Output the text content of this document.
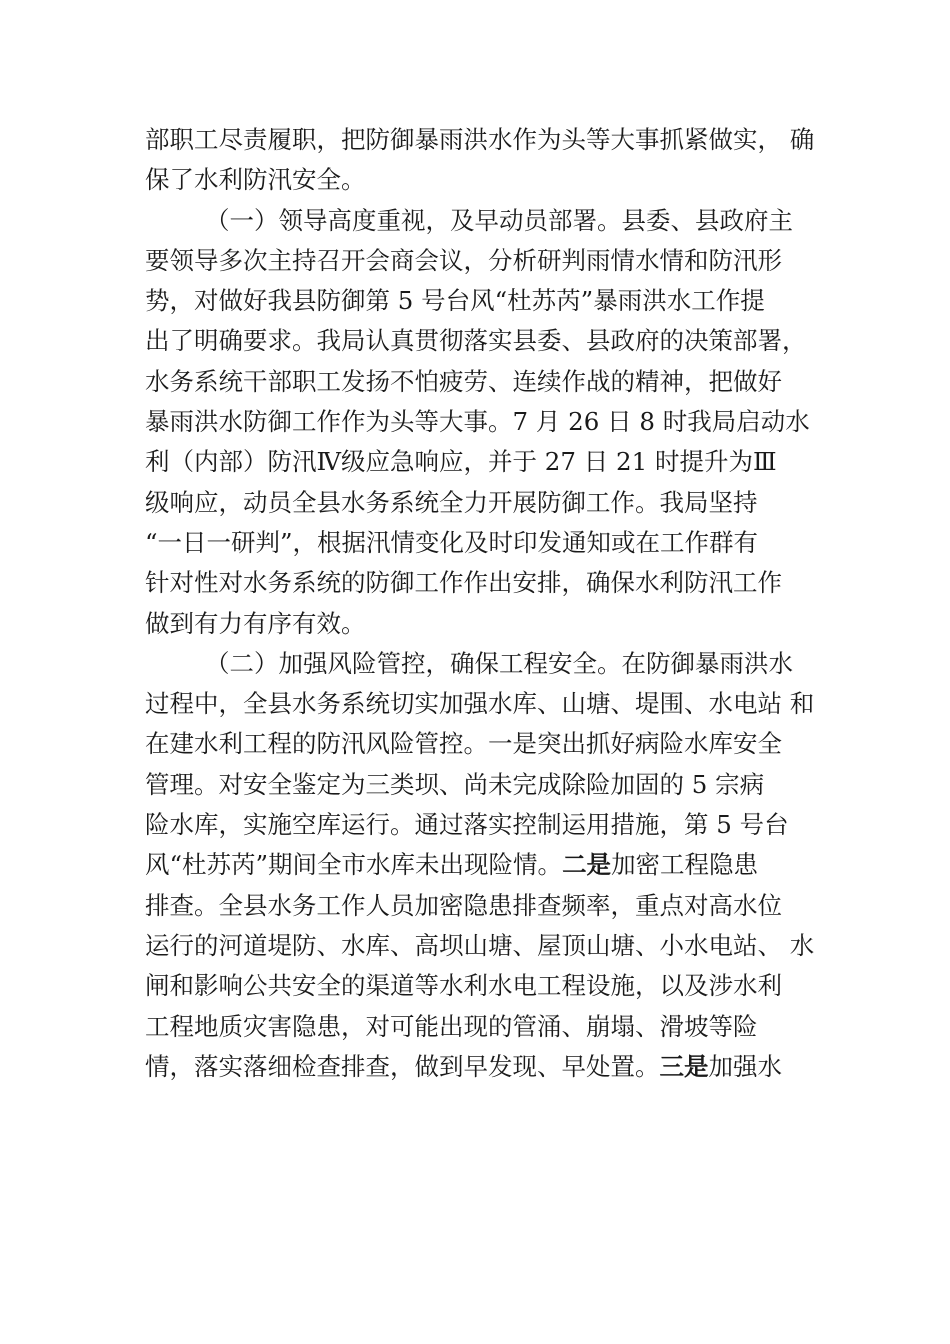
部职工尽责履职，把防御暴雨洪水作为头等大事抓紧做实， 确
保了水利防汛安全。
（一）领导高度重视，及早动员部署。县委、县政府主
要领导多次主持召开会商会议，分析研判雨情水情和防汛形
势，对做好我县防御第 5 号台风“杜苏芮”暴雨洪水工作提
出了明确要求。我局认真贯彻落实县委、县政府的决策部署，
水务系统干部职工发扬不怕疲劳、连续作战的精神，把做好
暴雨洪水防御工作作为头等大事。7 月 26 日 8 时我局启动水
利（内部）防汛Ⅳ级应急响应，并于 27 日 21 时提升为Ⅲ
级响应，动员全县水务系统全力开展防御工作。我局坚持
“一日一研判”，根据汛情变化及时印发通知或在工作群有
针对性对水务系统的防御工作作出安排，确保水利防汛工作
做到有力有序有效。
（二）加强风险管控，确保工程安全。在防御暴雨洪水
过程中，全县水务系统切实加强水库、山塘、堤围、水电站 和
在建水利工程的防汛风险管控。一是突出抓好病险水库安全
管理。对安全鉴定为三类坝、尚未完成除险加固的 5 宗病
险水库，实施空库运行。通过落实控制运用措施，第 5 号台
风“杜苏芮”期间全市水库未出现险情。二是加密工程隐患
排查。全县水务工作人员加密隐患排查频率，重点对高水位
运行的河道堤防、水库、高坝山塘、屋顶山塘、小水电站、 水
闸和影响公共安全的渠道等水利水电工程设施，以及涉水利
工程地质灾害隐患，对可能出现的管涌、崩塌、滑坡等险
情，落实落细检查排查，做到早发现、早处置。三是加强水
